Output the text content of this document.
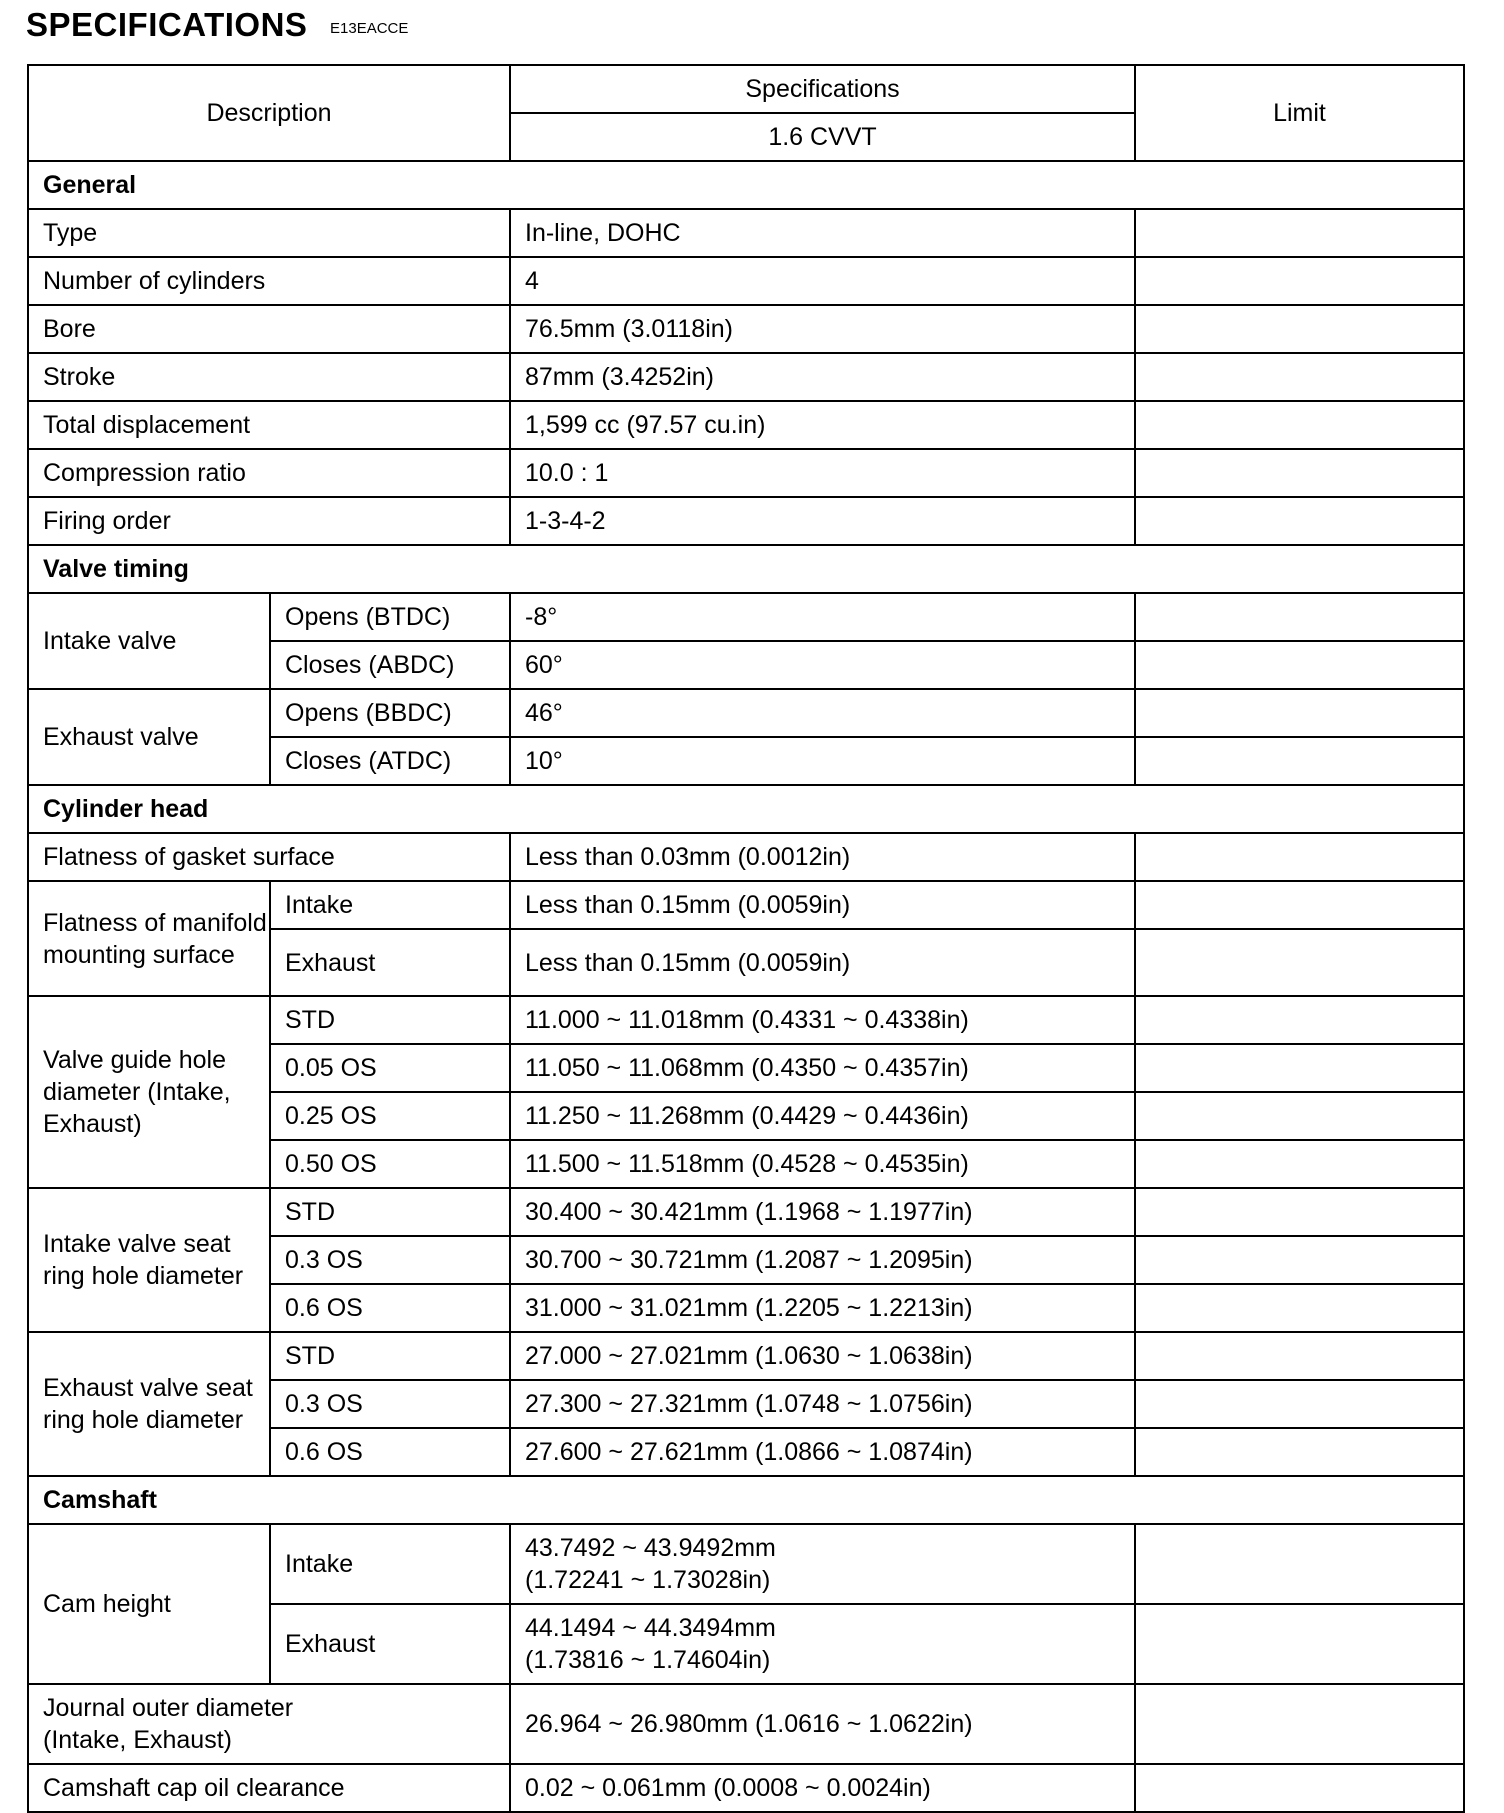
SPECIFICATIONS E13EACCE
Description		Specifications	Limit
		1.6 CVVT	
General			
Type		In-line, DOHC	
Number of cylinders		4	
Bore		76.5mm (3.0118in)	
Stroke		87mm (3.4252in)	
Total displacement		1,599 cc (97.57 cu.in)	
Compression ratio		10.0 : 1	
Firing order		1-3-4-2	
Valve timing			
Intake valve	Opens (BTDC)	-8°	
	Closes (ABDC)	60°	
Exhaust valve	Opens (BBDC)	46°	
	Closes (ATDC)	10°	
Cylinder head			
Flatness of gasket surface		Less than 0.03mm (0.0012in)	
Flatness of manifold mounting surface	Intake	Less than 0.15mm (0.0059in)	
	Exhaust	Less than 0.15mm (0.0059in)	
Valve guide hole diameter (Intake, Exhaust)	STD	11.000 ~ 11.018mm (0.4331 ~ 0.4338in)	
	0.05 OS	11.050 ~ 11.068mm (0.4350 ~ 0.4357in)	
	0.25 OS	11.250 ~ 11.268mm (0.4429 ~ 0.4436in)	
	0.50 OS	11.500 ~ 11.518mm (0.4528 ~ 0.4535in)	
Intake valve seat ring hole diameter	STD	30.400 ~ 30.421mm (1.1968 ~ 1.1977in)	
	0.3 OS	30.700 ~ 30.721mm (1.2087 ~ 1.2095in)	
	0.6 OS	31.000 ~ 31.021mm (1.2205 ~ 1.2213in)	
Exhaust valve seat ring hole diameter	STD	27.000 ~ 27.021mm (1.0630 ~ 1.0638in)	
	0.3 OS	27.300 ~ 27.321mm (1.0748 ~ 1.0756in)	
	0.6 OS	27.600 ~ 27.621mm (1.0866 ~ 1.0874in)	
Camshaft			
Cam height	Intake	43.7492 ~ 43.9492mm
(1.72241 ~ 1.73028in)	

	Exhaust	44.1494 ~ 44.3494mm
(1.73816 ~ 1.74604in)	

Journal outer diameter
(Intake, Exhaust)		26.964 ~ 26.980mm (1.0616 ~ 1.0622in)	
Camshaft cap oil clearance		0.02 ~ 0.061mm (0.0008 ~ 0.0024in)	
